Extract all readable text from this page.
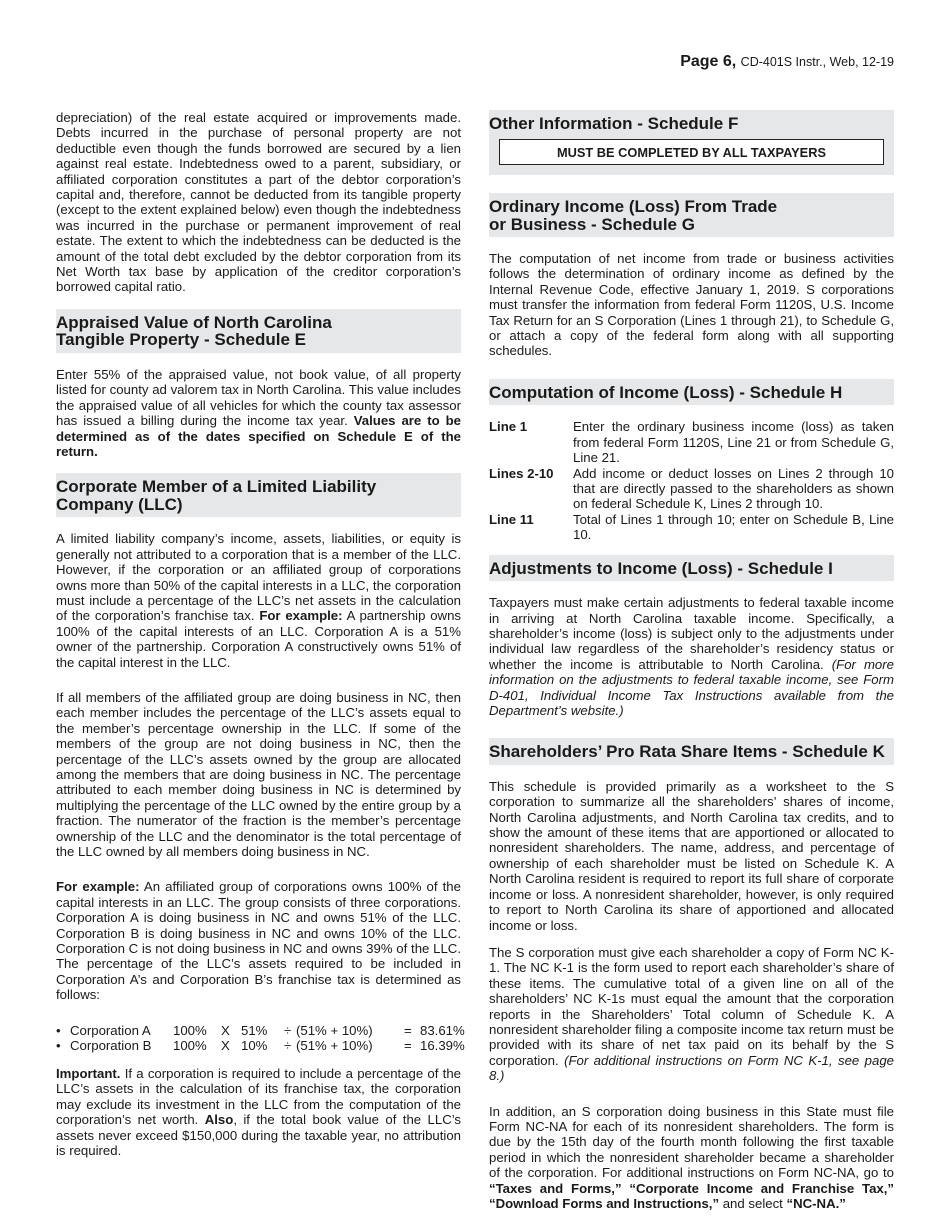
Page 6, CD-401S Instr., Web, 12-19

depreciation) of the real estate acquired or improvements made. Debts incurred in the purchase of personal property are not deductible even though the funds borrowed are secured by a lien against real estate. Indebtedness owed to a parent, subsidiary, or affiliated corporation constitutes a part of the debtor corporation’s capital and, therefore, cannot be deducted from its tangible property (except to the extent explained below) even though the indebtedness was incurred in the purchase or permanent improvement of real estate. The extent to which the indebtedness can be deducted is the amount of the total debt excluded by the debtor corporation from its Net Worth tax base by application of the creditor corporation’s borrowed capital ratio.

Appraised Value of North Carolina
Tangible Property - Schedule E

Enter 55% of the appraised value, not book value, of all property listed for county ad valorem tax in North Carolina. This value includes the appraised value of all vehicles for which the county tax assessor has issued a billing during the income tax year. Values are to be determined as of the dates specified on Schedule E of the return.

Corporate Member of a Limited Liability
Company (LLC)

A limited liability company’s income, assets, liabilities, or equity is generally not attributed to a corporation that is a member of the LLC. However, if the corporation or an affiliated group of corporations owns more than 50% of the capital interests in a LLC, the corporation must include a percentage of the LLC’s net assets in the calculation of the corporation’s franchise tax. For example: A partnership owns 100% of the capital interests of an LLC. Corporation A is a 51% owner of the partnership. Corporation A constructively owns 51% of the capital interest in the LLC.

If all members of the affiliated group are doing business in NC, then each member includes the percentage of the LLC’s assets equal to the member’s percentage ownership in the LLC. If some of the members of the group are not doing business in NC, then the percentage of the LLC’s assets owned by the group are allocated among the members that are doing business in NC. The percentage attributed to each member doing business in NC is determined by multiplying the percentage of the LLC owned by the entire group by a fraction. The numerator of the fraction is the member’s percentage ownership of the LLC and the denominator is the total percentage of the LLC owned by all members doing business in NC.

For example: An affiliated group of corporations owns 100% of the capital interests in an LLC. The group consists of three corporations. Corporation A is doing business in NC and owns 51% of the LLC. Corporation B is doing business in NC and owns 10% of the LLC. Corporation C is not doing business in NC and owns 39% of the LLC. The percentage of the LLC’s assets required to be included in Corporation A’s and Corporation B’s franchise tax is determined as follows:

• Corporation A 100% X 51% ÷ (51% + 10%) = 83.61%
• Corporation B 100% X 10% ÷ (51% + 10%) = 16.39%

Important. If a corporation is required to include a percentage of the LLC’s assets in the calculation of its franchise tax, the corporation may exclude its investment in the LLC from the computation of the corporation’s net worth. Also, if the total book value of the LLC’s assets never exceed $150,000 during the taxable year, no attribution is required.

Other Information - Schedule F
MUST BE COMPLETED BY ALL TAXPAYERS
Ordinary Income (Loss) From Trade
or Business - Schedule G

The computation of net income from trade or business activities follows the determination of ordinary income as defined by the Internal Revenue Code, effective January 1, 2019. S corporations must transfer the information from federal Form 1120S, U.S. Income Tax Return for an S Corporation (Lines 1 through 21), to Schedule G, or attach a copy of the federal form along with all supporting schedules.

Computation of Income (Loss) - Schedule H
Line 1	Enter the ordinary business income (loss) as taken from federal Form 1120S, Line 21 or from Schedule G, Line 21.
Lines 2-10	Add income or deduct losses on Lines 2 through 10 that are directly passed to the shareholders as shown on federal Schedule K, Lines 2 through 10.
Line 11	Total of Lines 1 through 10; enter on Schedule B, Line 10.
Adjustments to Income (Loss) - Schedule I

Taxpayers must make certain adjustments to federal taxable income in arriving at North Carolina taxable income. Specifically, a shareholder’s income (loss) is subject only to the adjustments under individual law regardless of the shareholder’s residency status or whether the income is attributable to North Carolina. (For more information on the adjustments to federal taxable income, see Form D-401, Individual Income Tax Instructions available from the Department’s website.)

Shareholders’ Pro Rata Share Items - Schedule K

This schedule is provided primarily as a worksheet to the S corporation to summarize all the shareholders’ shares of income, North Carolina adjustments, and North Carolina tax credits, and to show the amount of these items that are apportioned or allocated to nonresident shareholders. The name, address, and percentage of ownership of each shareholder must be listed on Schedule K. A North Carolina resident is required to report its full share of corporate income or loss. A nonresident shareholder, however, is only required to report to North Carolina its share of apportioned and allocated income or loss.

The S corporation must give each shareholder a copy of Form NC K-1. The NC K-1 is the form used to report each shareholder’s share of these items. The cumulative total of a given line on all of the shareholders’ NC K-1s must equal the amount that the corporation reports in the Shareholders’ Total column of Schedule K. A nonresident shareholder filing a composite income tax return must be provided with its share of net tax paid on its behalf by the S corporation. (For additional instructions on Form NC K-1, see page 8.)

In addition, an S corporation doing business in this State must file Form NC-NA for each of its nonresident shareholders. The form is due by the 15th day of the fourth month following the first taxable period in which the nonresident shareholder became a shareholder of the corporation. For additional instructions on Form NC-NA, go to “Taxes and Forms,” “Corporate Income and Franchise Tax,” “Download Forms and Instructions,” and select “NC-NA.”
